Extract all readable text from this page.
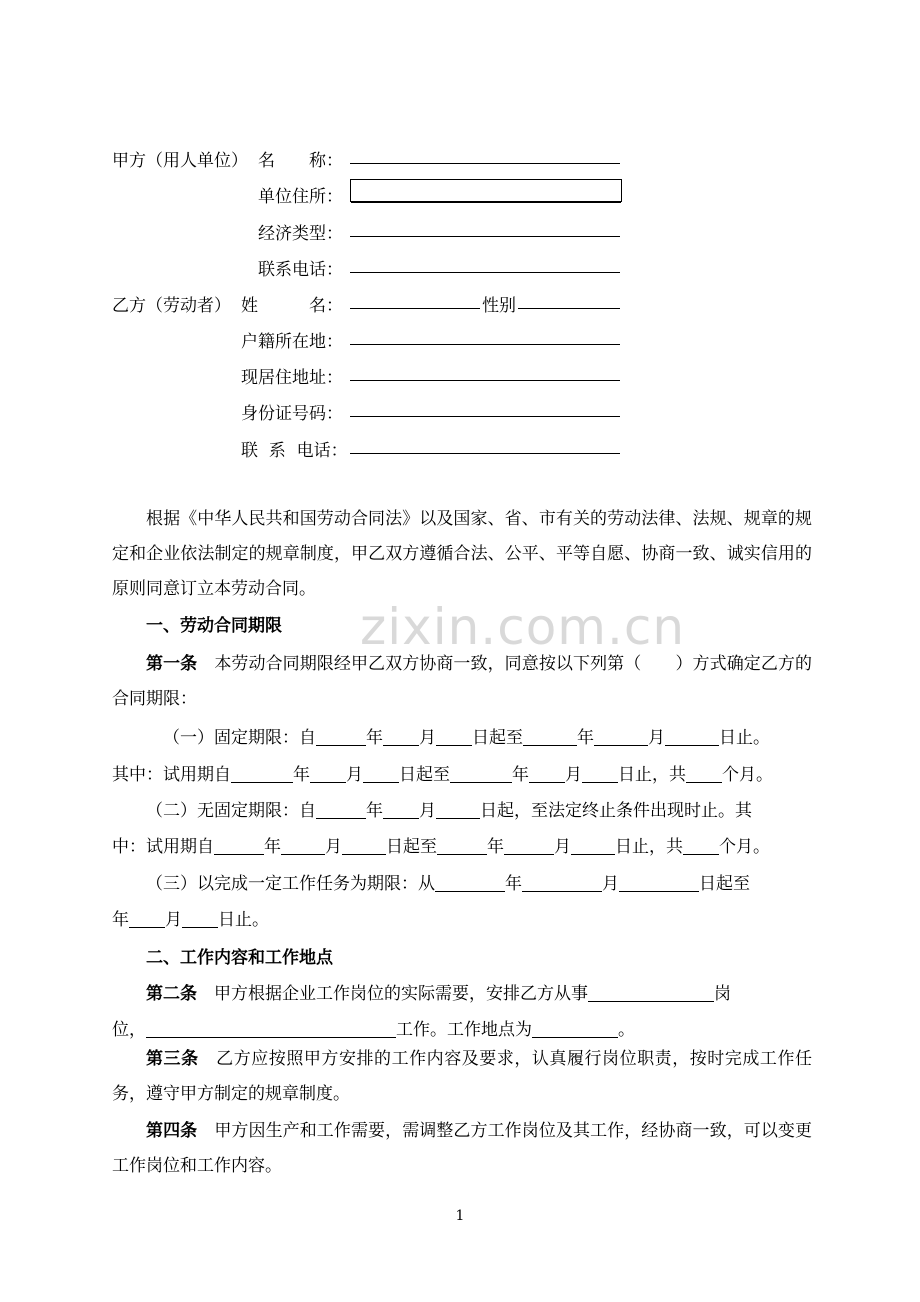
zixin.com.cn
甲方（用人单位） 名　　称：
单位住所：
经济类型：
联系电话：
乙方（劳动者） 姓　　　名：	性别
户籍所在地：
现居住地址：
身份证号码：
联  系  电话：
根据《中华人民共和国劳动合同法》以及国家、省、市有关的劳动法律、法规、规章的规定和企业依法制定的规章制度，甲乙双方遵循合法、公平、平等自愿、协商一致、诚实信用的原则同意订立本劳动合同。
一、劳动合同期限
第一条　本劳动合同期限经甲乙双方协商一致，同意按以下列第（　　）方式确定乙方的合同期限：
（一）固定期限：自	年 月 日起至	年	月	日止。
其中：试用期自	年 月 日起至	年 月 日止，共 个月。
（二）无固定期限：自	年 月	日起，至法定终止条件出现时止。其
中：试用期自	年	月	日起至	年	月	日止，共 个月。
（三）以完成一定工作任务为期限：从	年	月	日起至
年 月 日止。
二、工作内容和工作地点
第二条　甲方根据企业工作岗位的实际需要，安排乙方从事	岗
位，	工作。工作地点为	。
第三条　乙方应按照甲方安排的工作内容及要求，认真履行岗位职责，按时完成工作任务，遵守甲方制定的规章制度。
第四条　甲方因生产和工作需要，需调整乙方工作岗位及其工作，经协商一致，可以变更工作岗位和工作内容。
1
